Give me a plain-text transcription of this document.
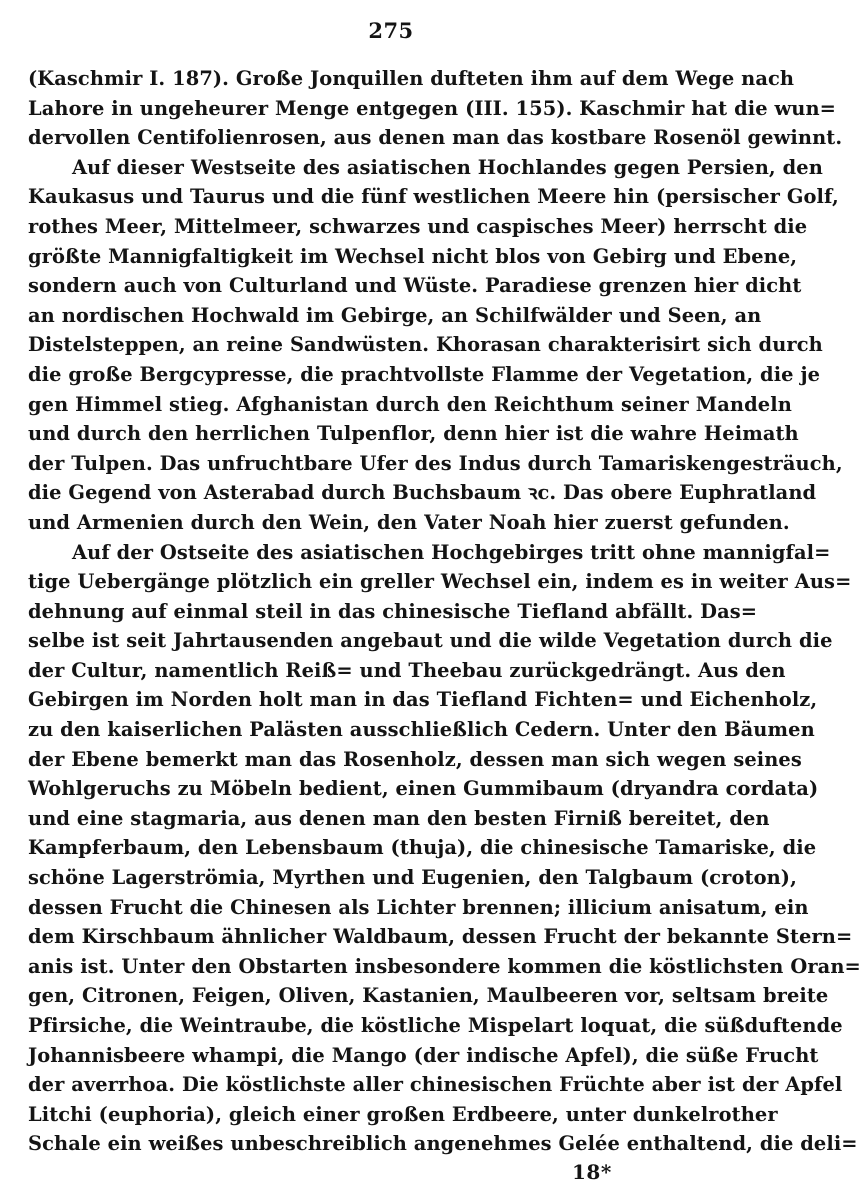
275
(Kaschmir I. 187). Große Jonquillen dufteten ihm auf dem Wege nach
Lahore in ungeheurer Menge entgegen (III. 155). Kaschmir hat die wun=
dervollen Centifolienrosen, aus denen man das kostbare Rosenöl gewinnt.
Auf dieser Westseite des asiatischen Hochlandes gegen Persien, den
Kaukasus und Taurus und die fünf westlichen Meere hin (persischer Golf,
rothes Meer, Mittelmeer, schwarzes und caspisches Meer) herrscht die
größte Mannigfaltigkeit im Wechsel nicht blos von Gebirg und Ebene,
sondern auch von Culturland und Wüste. Paradiese grenzen hier dicht
an nordischen Hochwald im Gebirge, an Schilfwälder und Seen, an
Distelsteppen, an reine Sandwüsten. Khorasan charakterisirt sich durch
die große Bergcypresse, die prachtvollste Flamme der Vegetation, die je
gen Himmel stieg. Afghanistan durch den Reichthum seiner Mandeln
und durch den herrlichen Tulpenflor, denn hier ist die wahre Heimath
der Tulpen. Das unfruchtbare Ufer des Indus durch Tamariskengesträuch,
die Gegend von Asterabad durch Buchsbaum ꝛc. Das obere Euphratland
und Armenien durch den Wein, den Vater Noah hier zuerst gefunden.
Auf der Ostseite des asiatischen Hochgebirges tritt ohne mannigfal=
tige Uebergänge plötzlich ein greller Wechsel ein, indem es in weiter Aus=
dehnung auf einmal steil in das chinesische Tiefland abfällt. Das=
selbe ist seit Jahrtausenden angebaut und die wilde Vegetation durch die
der Cultur, namentlich Reiß= und Theebau zurückgedrängt. Aus den
Gebirgen im Norden holt man in das Tiefland Fichten= und Eichenholz,
zu den kaiserlichen Palästen ausschließlich Cedern. Unter den Bäumen
der Ebene bemerkt man das Rosenholz, dessen man sich wegen seines
Wohlgeruchs zu Möbeln bedient, einen Gummibaum (dryandra cordata)
und eine stagmaria, aus denen man den besten Firniß bereitet, den
Kampferbaum, den Lebensbaum (thuja), die chinesische Tamariske, die
schöne Lagerströmia, Myrthen und Eugenien, den Talgbaum (croton),
dessen Frucht die Chinesen als Lichter brennen; illicium anisatum, ein
dem Kirschbaum ähnlicher Waldbaum, dessen Frucht der bekannte Stern=
anis ist. Unter den Obstarten insbesondere kommen die köstlichsten Oran=
gen, Citronen, Feigen, Oliven, Kastanien, Maulbeeren vor, seltsam breite
Pfirsiche, die Weintraube, die köstliche Mispelart loquat, die süßduftende
Johannisbeere whampi, die Mango (der indische Apfel), die süße Frucht
der averrhoa. Die köstlichste aller chinesischen Früchte aber ist der Apfel
Litchi (euphoria), gleich einer großen Erdbeere, unter dunkelrother
Schale ein weißes unbeschreiblich angenehmes Gelée enthaltend, die deli=
18*
